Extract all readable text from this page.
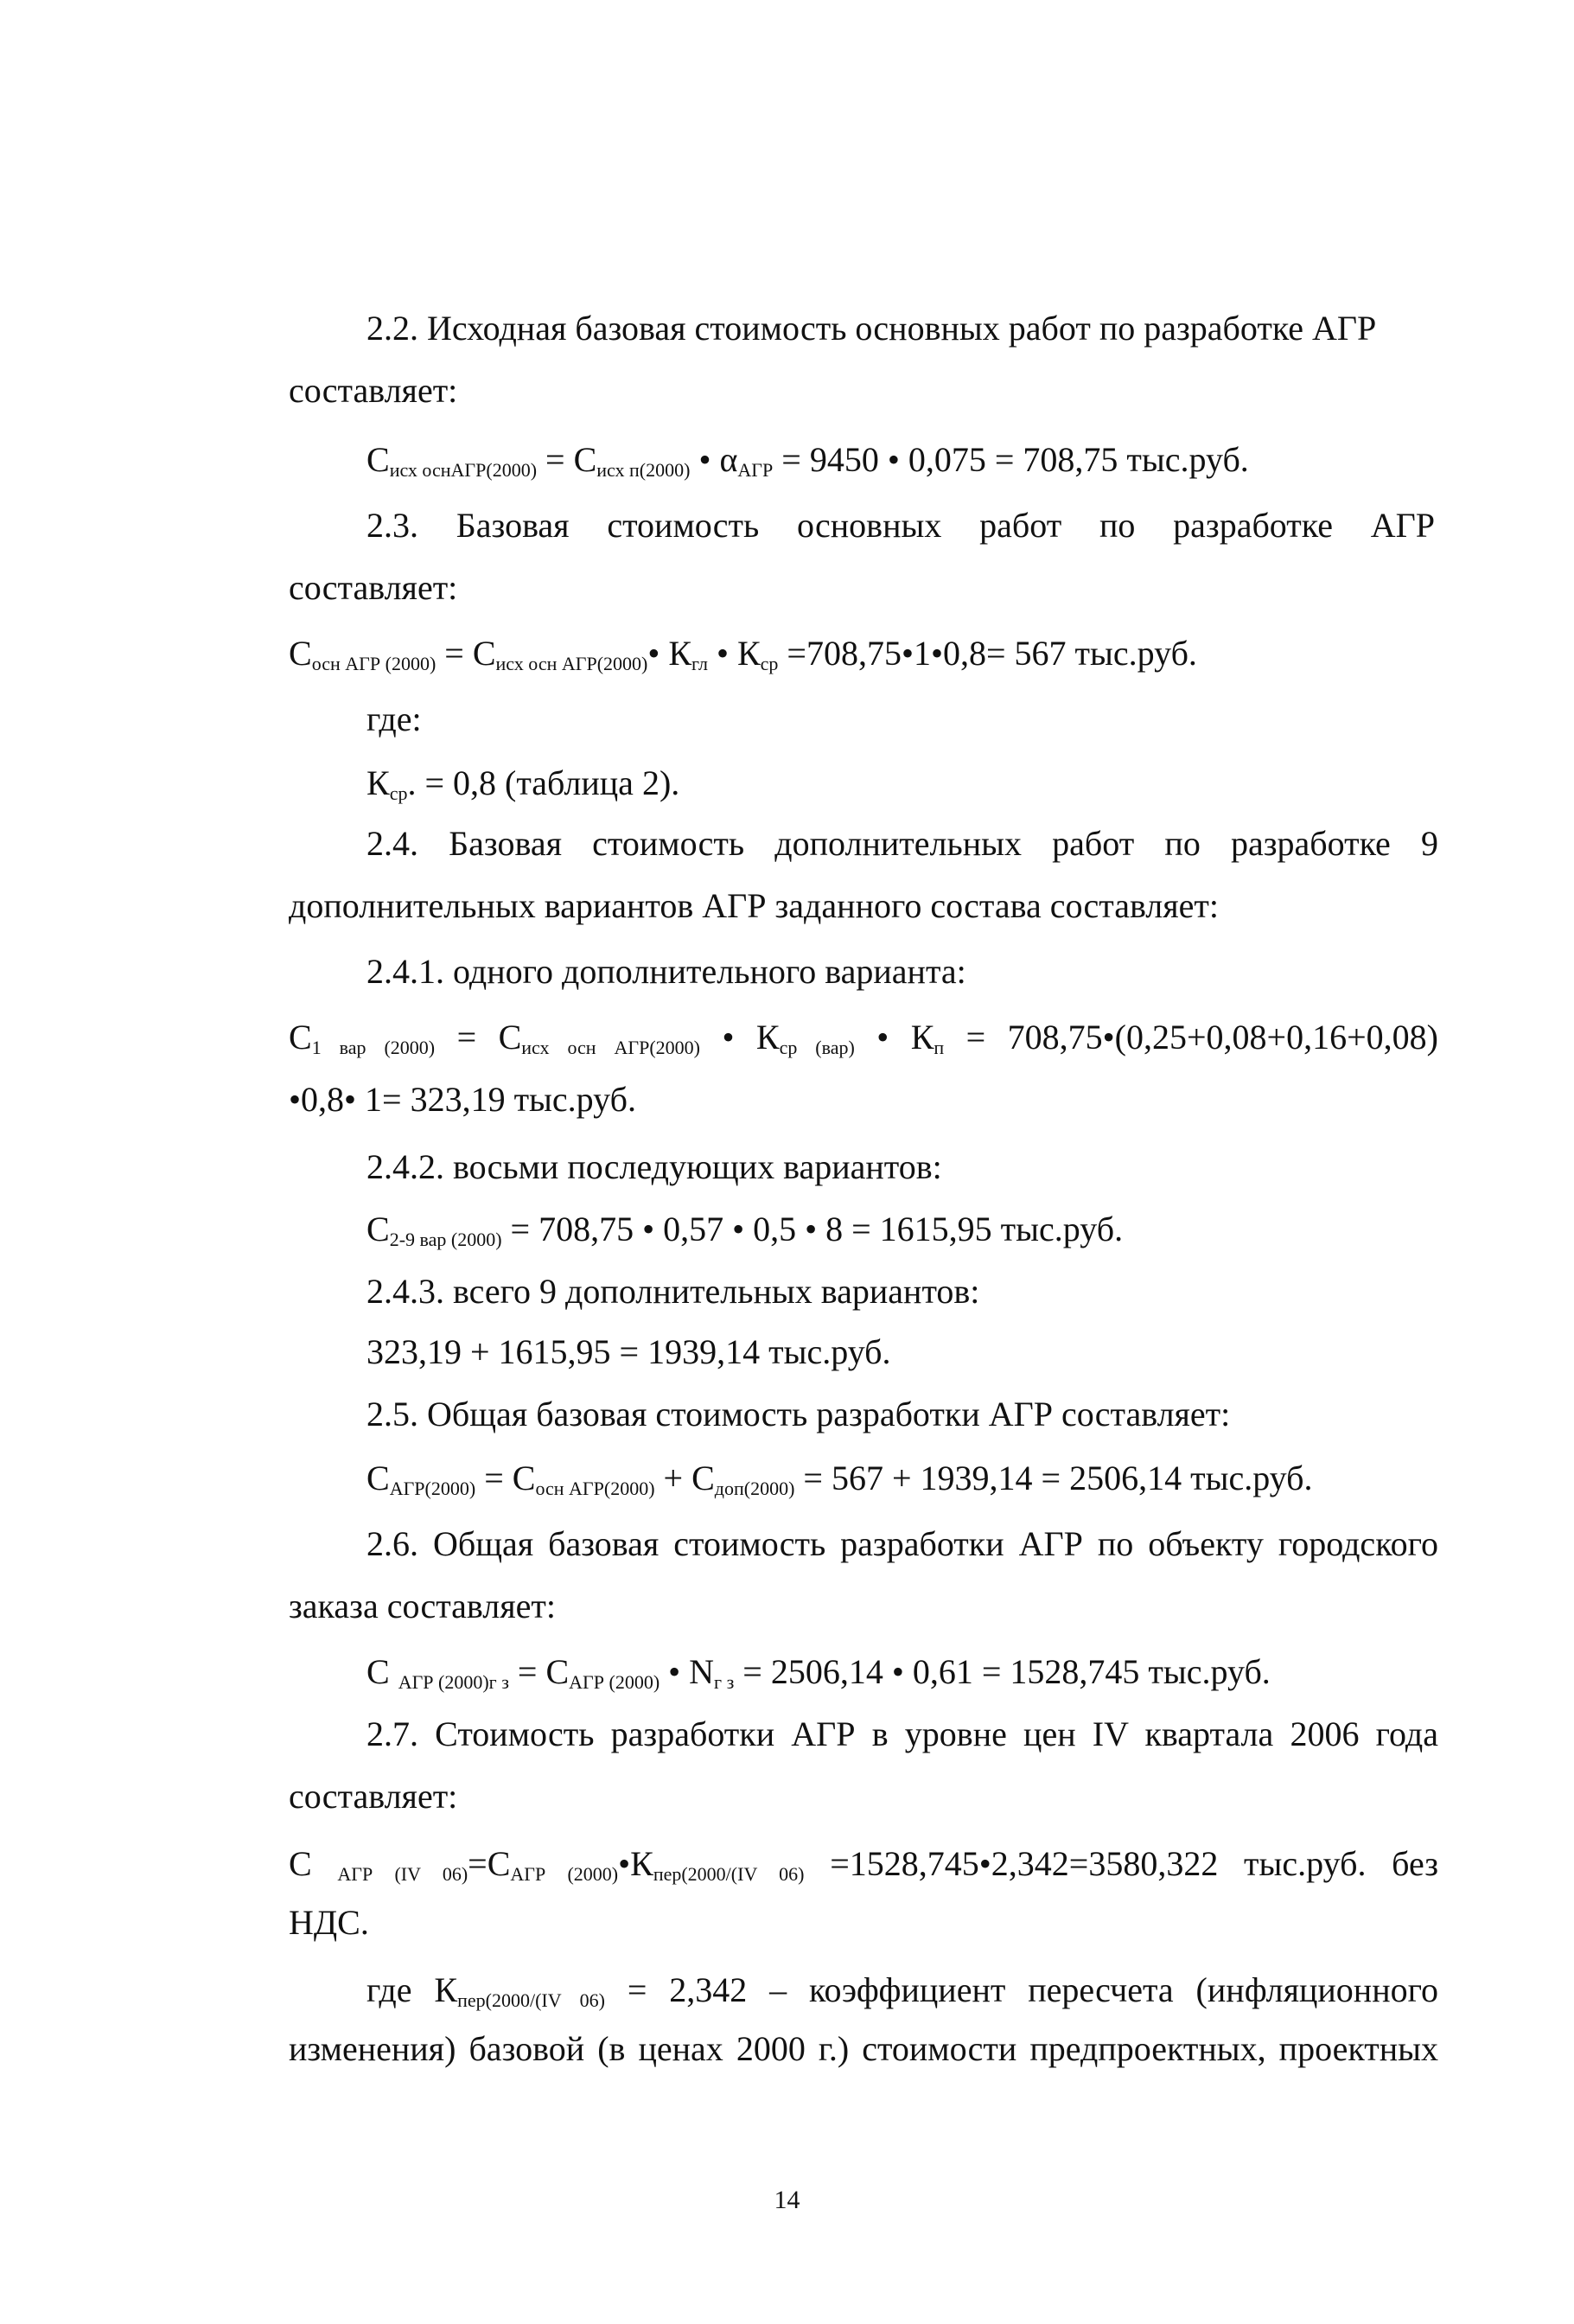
2.2. Исходная базовая стоимость основных работ по разработке АГР
составляет:
$С_{исх оснАГР(2000)} = С_{исх п(2000)}$ • $\alpha_{АГР} = 9450$ • 0,075 = 708,75 тыс.руб.
2.3. Базовая стоимость основных работ по разработке АГР
составляет:
$С_{осн АГР (2000)}$ = $С_{исх осн АГР(2000)}•$ $К_{гл}$ • $К_{ср}$ =708,75•1•0,8= 567 тыс.руб.
где:
$К_{ср}$. = 0,8 (таблица 2).
2.4. Базовая стоимость дополнительных работ по разработке 9
дополнительных вариантов АГР заданного состава составляет:
2.4.1. одного дополнительного варианта:
$С_{1 вар (2000)} = С_{исх осн АГР(2000)}$ • $К_{ср (вар)}$ • $К_п$ = 708,75•(0,25+0,08+0,16+0,08)
•0,8• 1= 323,19 тыс.руб.
2.4.2. восьми последующих вариантов:
$С_{2-9 вар (2000)} = 708,75$ • 0,57 • 0,5 • 8 = 1615,95 тыс.руб.
2.4.3. всего 9 дополнительных вариантов:
323,19 + 1615,95 = 1939,14 тыс.руб.
2.5. Общая базовая стоимость разработки АГР составляет:
$С_{АГР(2000)} = С_{осн АГР(2000)} + С_{доп(2000)} = 567 + 1939,14 = 2506,14$ тыс.руб.
2.6. Общая базовая стоимость разработки АГР по объекту городского
заказа составляет:
С $_{АГР (2000)г з} = С_{АГР (2000)}$ • $N_{г з} = 2506,14$ • 0,61 = 1528,745 тыс.руб.
2.7. Стоимость разработки АГР в уровне цен IV квартала 2006 года
составляет:
С $_{АГР (IV 06)}=С_{АГР (2000)}•К_{пер(2000/(IV 06)}$ =1528,745•2,342=3580,322 тыс.руб. без
НДС.
где $К_{пер(2000/(IV 06)} = 2,342$ – коэффициент пересчета (инфляционного
изменения) базовой (в ценах 2000 г.) стоимости предпроектных, проектных
14
